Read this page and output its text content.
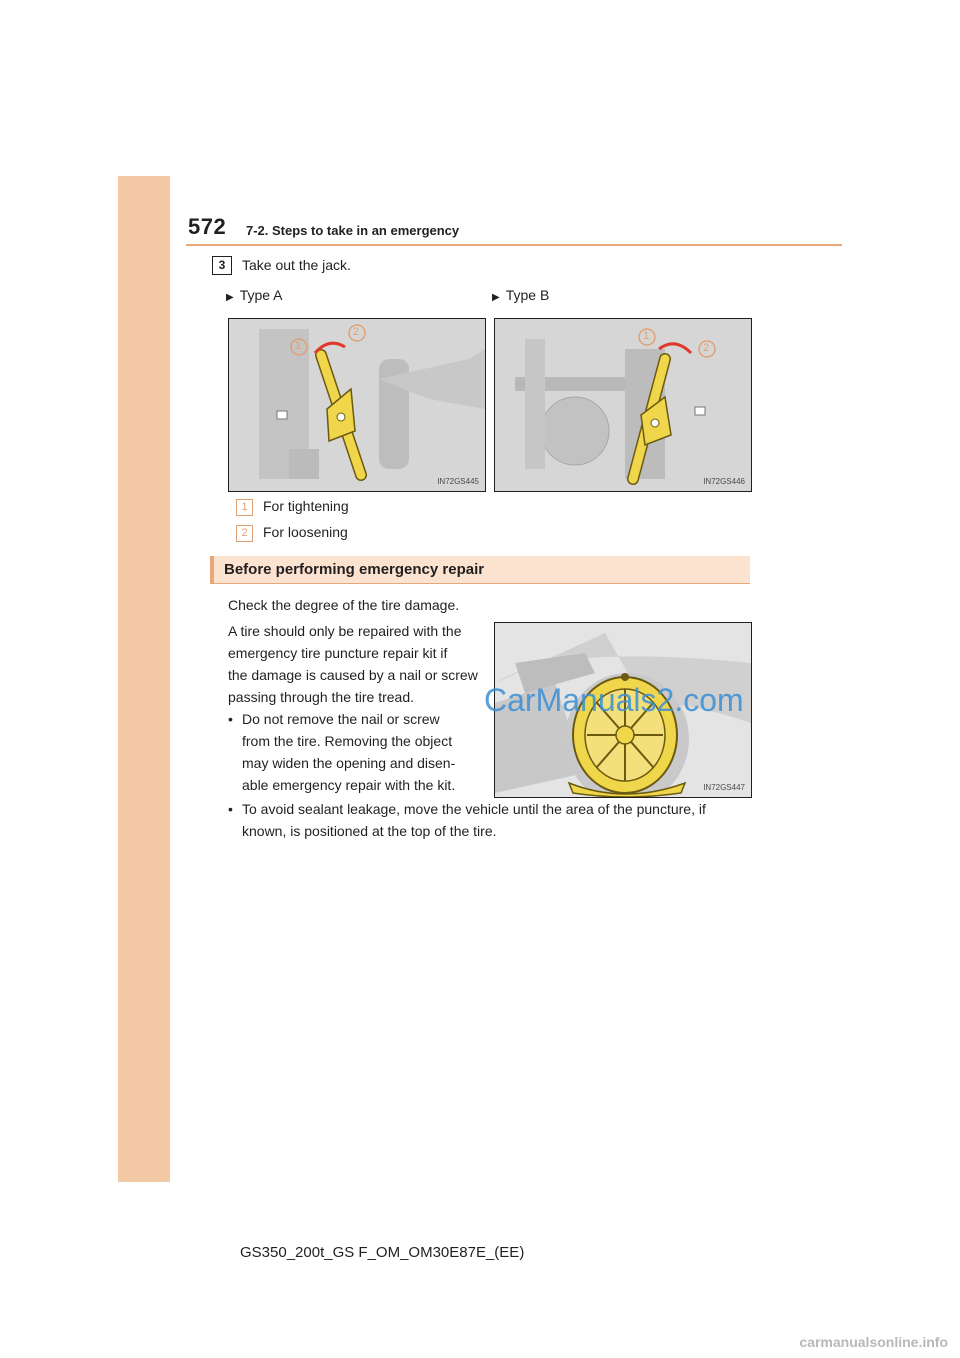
572 7-2. Steps to take in an emergency
3	Take out the jack.
▶ Type A	▶ Type B
1
2
IN72GS445
1
2
IN72GS446
1 For tightening
2 For loosening
Before performing emergency repair
Check the degree of the tire damage.
A tire should only be repaired with the
emergency tire puncture repair kit if
the damage is caused by a nail or screw
passing through the tire tread.
• Do not remove the nail or screw
from the tire. Removing the object
may widen the opening and disen-
able emergency repair with the kit.	IN72GS447
CarManuals2.com
• To avoid sealant leakage, move the vehicle until the area of the puncture, if
known, is positioned at the top of the tire.
GS350_200t_GS F_OM_OM30E87E_(EE)
carmanualsonline.info
